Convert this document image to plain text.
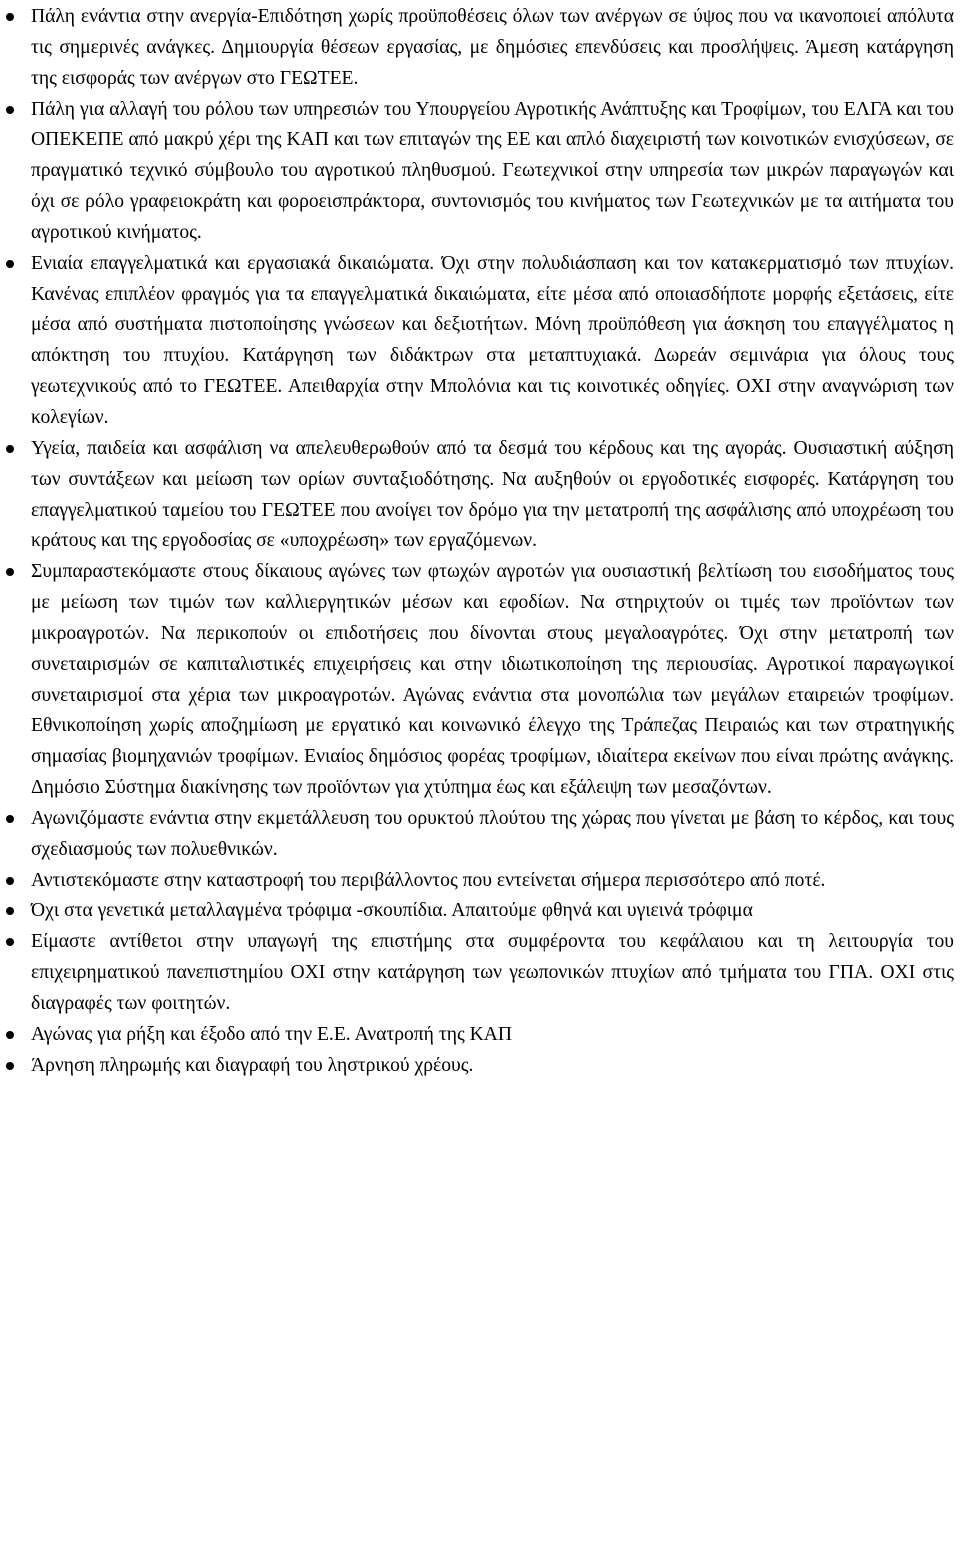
Πάλη ενάντια στην ανεργία-Επιδότηση χωρίς προϋποθέσεις όλων των ανέργων σε ύψος που να ικανοποιεί απόλυτα τις σημερινές ανάγκες. Δημιουργία θέσεων εργασίας, με δημόσιες επενδύσεις και προσλήψεις. Άμεση κατάργηση της εισφοράς των ανέργων στο ΓΕΩΤΕΕ.
Πάλη για αλλαγή του ρόλου των υπηρεσιών του Υπουργείου Αγροτικής Ανάπτυξης και Τροφίμων, του ΕΛΓΑ και του ΟΠΕΚΕΠΕ από μακρύ χέρι της ΚΑΠ και των επιταγών της ΕΕ και απλό διαχειριστή των κοινοτικών ενισχύσεων, σε πραγματικό τεχνικό σύμβουλο του αγροτικού πληθυσμού. Γεωτεχνικοί στην υπηρεσία των μικρών παραγωγών και όχι σε ρόλο γραφειοκράτη και φοροεισπράκτορα, συντονισμός του κινήματος των Γεωτεχνικών με τα αιτήματα του αγροτικού κινήματος.
Ενιαία επαγγελματικά και εργασιακά δικαιώματα. Όχι στην πολυδιάσπαση και τον κατακερματισμό των πτυχίων. Κανένας επιπλέον φραγμός για τα επαγγελματικά δικαιώματα, είτε μέσα από οποιασδήποτε μορφής εξετάσεις, είτε μέσα από συστήματα πιστοποίησης γνώσεων και δεξιοτήτων. Μόνη προϋπόθεση για άσκηση του επαγγέλματος η απόκτηση του πτυχίου. Κατάργηση των διδάκτρων στα μεταπτυχιακά. Δωρεάν σεμινάρια για όλους τους γεωτεχνικούς από το ΓΕΩΤΕΕ. Απειθαρχία στην Μπολόνια και τις κοινοτικές οδηγίες. ΟΧΙ στην αναγνώριση των κολεγίων.
Υγεία, παιδεία και ασφάλιση να απελευθερωθούν από τα δεσμά του κέρδους και της αγοράς. Ουσιαστική αύξηση των συντάξεων και μείωση των ορίων συνταξιοδότησης. Να αυξηθούν οι εργοδοτικές εισφορές. Κατάργηση του επαγγελματικού ταμείου του ΓΕΩΤΕΕ που ανοίγει τον δρόμο για την μετατροπή της ασφάλισης από υποχρέωση του κράτους και της εργοδοσίας σε «υποχρέωση» των εργαζόμενων.
Συμπαραστεκόμαστε στους δίκαιους αγώνες των φτωχών αγροτών για ουσιαστική βελτίωση του εισοδήματος τους με μείωση των τιμών των καλλιεργητικών μέσων και εφοδίων. Να στηριχτούν οι τιμές των προϊόντων των μικροαγροτών. Να περικοπούν οι επιδοτήσεις που δίνονται στους μεγαλοαγρότες. Όχι στην μετατροπή των συνεταιρισμών σε καπιταλιστικές επιχειρήσεις και στην ιδιωτικοποίηση της περιουσίας. Αγροτικοί παραγωγικοί συνεταιρισμοί στα χέρια των μικροαγροτών. Αγώνας ενάντια στα μονοπώλια των μεγάλων εταιρειών τροφίμων. Εθνικοποίηση χωρίς αποζημίωση με εργατικό και κοινωνικό έλεγχο της Τράπεζας Πειραιώς και των στρατηγικής σημασίας βιομηχανιών τροφίμων. Ενιαίος δημόσιος φορέας τροφίμων, ιδιαίτερα εκείνων που είναι πρώτης ανάγκης. Δημόσιο Σύστημα διακίνησης των προϊόντων για χτύπημα έως και εξάλειψη των μεσαζόντων.
Αγωνιζόμαστε ενάντια στην εκμετάλλευση του ορυκτού πλούτου της χώρας που γίνεται με βάση το κέρδος, και τους σχεδιασμούς των πολυεθνικών.
Αντιστεκόμαστε στην καταστροφή του περιβάλλοντος που εντείνεται σήμερα περισσότερο από ποτέ.
Όχι στα γενετικά μεταλλαγμένα τρόφιμα -σκουπίδια. Απαιτούμε φθηνά και υγιεινά τρόφιμα
Είμαστε αντίθετοι στην υπαγωγή της επιστήμης στα συμφέροντα του κεφάλαιου και τη λειτουργία του επιχειρηματικού πανεπιστημίου ΟΧΙ στην κατάργηση των γεωπονικών πτυχίων από τμήματα του ΓΠΑ. ΟΧΙ στις διαγραφές των φοιτητών.
Αγώνας για ρήξη και έξοδο από την Ε.Ε. Ανατροπή της ΚΑΠ
Άρνηση πληρωμής και διαγραφή του ληστρικού χρέους.
